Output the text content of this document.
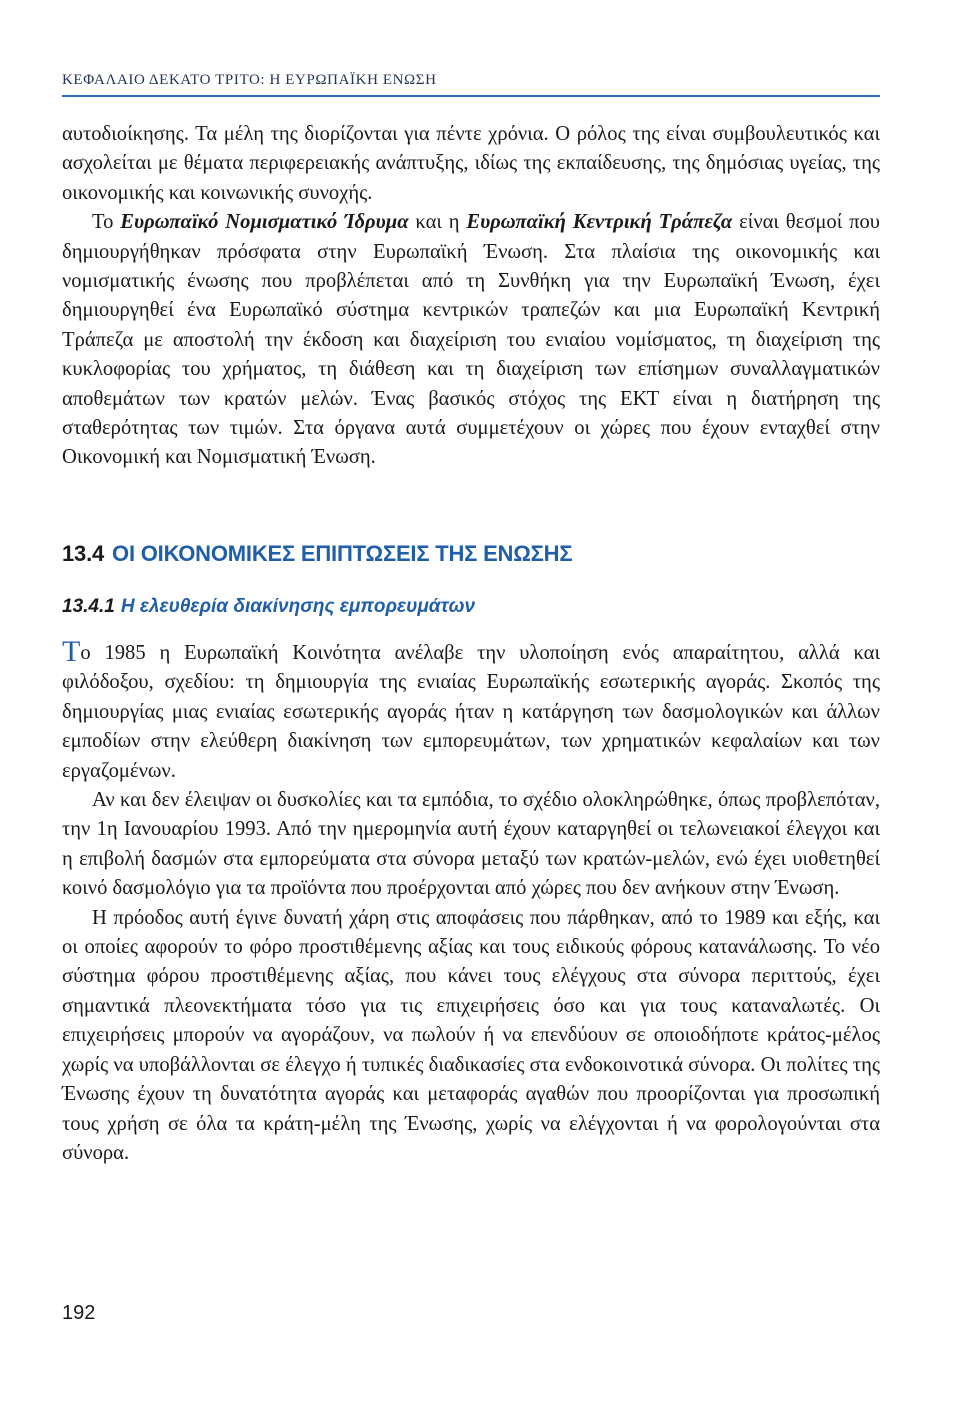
ΚΕΦΑΛΑΙΟ ΔΕΚΑΤΟ ΤΡΙΤΟ: Η ΕΥΡΩΠΑΪΚΗ ΕΝΩΣΗ

αυτοδιοίκησης. Τα μέλη της διορίζονται για πέντε χρόνια. Ο ρόλος της είναι συμβουλευτικός και ασχολείται με θέματα περιφερειακής ανάπτυξης, ιδίως της εκπαίδευσης, της δημόσιας υγείας, της οικονομικής και κοινωνικής συνοχής.

Το Ευρωπαϊκό Νομισματικό Ίδρυμα και η Ευρωπαϊκή Κεντρική Τράπεζα είναι θεσμοί που δημιουργήθηκαν πρόσφατα στην Ευρωπαϊκή Ένωση. Στα πλαίσια της οικονομικής και νομισματικής ένωσης που προβλέπεται από τη Συνθήκη για την Ευρωπαϊκή Ένωση, έχει δημιουργηθεί ένα Ευρωπαϊκό σύστημα κεντρικών τραπεζών και μια Ευρωπαϊκή Κεντρική Τράπεζα με αποστολή την έκδοση και διαχείριση του ενιαίου νομίσματος, τη διαχείριση της κυκλοφορίας του χρήματος, τη διάθεση και τη διαχείριση των επίσημων συναλλαγματικών αποθεμάτων των κρατών μελών. Ένας βασικός στόχος της ΕΚΤ είναι η διατήρηση της σταθερότητας των τιμών. Στα όργανα αυτά συμμετέχουν οι χώρες που έχουν ενταχθεί στην Οικονομική και Νομισματική Ένωση.

13.4 ΟΙ ΟΙΚΟΝΟΜΙΚΕΣ ΕΠΙΠΤΩΣΕΙΣ ΤΗΣ ΕΝΩΣΗΣ
13.4.1 Η ελευθερία διακίνησης εμπορευμάτων

Το 1985 η Ευρωπαϊκή Κοινότητα ανέλαβε την υλοποίηση ενός απαραίτητου, αλλά και φιλόδοξου, σχεδίου: τη δημιουργία της ενιαίας Ευρωπαϊκής εσωτερικής αγοράς. Σκοπός της δημιουργίας μιας ενιαίας εσωτερικής αγοράς ήταν η κατάργηση των δασμολογικών και άλλων εμποδίων στην ελεύθερη διακίνηση των εμπορευμάτων, των χρηματικών κεφαλαίων και των εργαζομένων.

Αν και δεν έλειψαν οι δυσκολίες και τα εμπόδια, το σχέδιο ολοκληρώθηκε, όπως προβλεπόταν, την 1η Ιανουαρίου 1993. Από την ημερομηνία αυτή έχουν καταργηθεί οι τελωνειακοί έλεγχοι και η επιβολή δασμών στα εμπορεύματα στα σύνορα μεταξύ των κρατών-μελών, ενώ έχει υιοθετηθεί κοινό δασμολόγιο για τα προϊόντα που προέρχονται από χώρες που δεν ανήκουν στην Ένωση.

Η πρόοδος αυτή έγινε δυνατή χάρη στις αποφάσεις που πάρθηκαν, από το 1989 και εξής, και οι οποίες αφορούν το φόρο προστιθέμενης αξίας και τους ειδικούς φόρους κατανάλωσης. Το νέο σύστημα φόρου προστιθέμενης αξίας, που κάνει τους ελέγχους στα σύνορα περιττούς, έχει σημαντικά πλεονεκτήματα τόσο για τις επιχειρήσεις όσο και για τους καταναλωτές. Οι επιχειρήσεις μπορούν να αγοράζουν, να πωλούν ή να επενδύουν σε οποιοδήποτε κράτος-μέλος χωρίς να υποβάλλονται σε έλεγχο ή τυπικές διαδικασίες στα ενδοκοινοτικά σύνορα. Οι πολίτες της Ένωσης έχουν τη δυνατότητα αγοράς και μεταφοράς αγαθών που προορίζονται για προσωπική τους χρήση σε όλα τα κράτη-μέλη της Ένωσης, χωρίς να ελέγχονται ή να φορολογούνται στα σύνορα.

192
